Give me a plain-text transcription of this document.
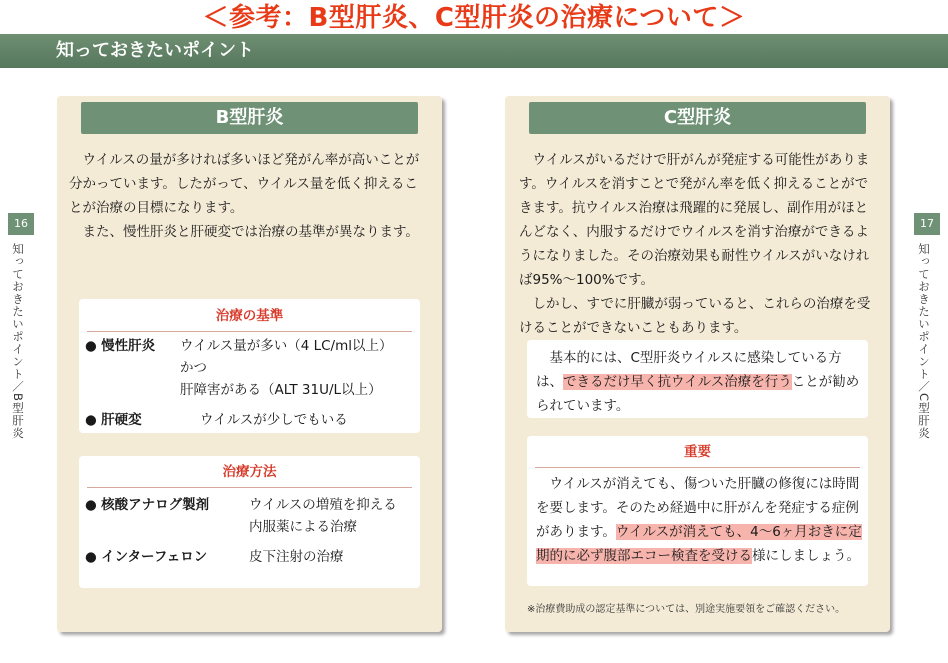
＜参考：B型肝炎、C型肝炎の治療について＞
知っておきたいポイント
16
知っておきたいポイント／B型肝炎
17
知っておきたいポイント／C型肝炎
B型肝炎

ウイルスの量が多ければ多いほど発がん率が高いことが分かっています。したがって、ウイルス量を低く抑えることが治療の目標になります。

また、慢性肝炎と肝硬変では治療の基準が異なります。

治療の基準
● 慢性肝炎	ウイルス量が多い（4 LC/ml以上）
かつ
肝障害がある（ALT 31U/L以上）
● 肝硬変	ウイルスが少しでもいる
治療方法
● 核酸アナログ製剤	ウイルスの増殖を抑える
内服薬による治療
● インターフェロン	皮下注射の治療
C型肝炎

ウイルスがいるだけで肝がんが発症する可能性があります。ウイルスを消すことで発がん率を低く抑えることができます。抗ウイルス治療は飛躍的に発展し、副作用がほとんどなく、内服するだけでウイルスを消す治療ができるようになりました。その治療効果も耐性ウイルスがいなければ95%～100%です。

しかし、すでに肝臓が弱っていると、これらの治療を受けることができないこともあります。

基本的には、C型肝炎ウイルスに感染している方は、できるだけ早く抗ウイルス治療を行うことが勧められています。

重要

ウイルスが消えても、傷ついた肝臓の修復には時間を要します。そのため経過中に肝がんを発症する症例があります。ウイルスが消えても、4～6ヶ月おきに定期的に必ず腹部エコー検査を受ける様にしましょう。

※治療費助成の認定基準については、別途実施要領をご確認ください。
